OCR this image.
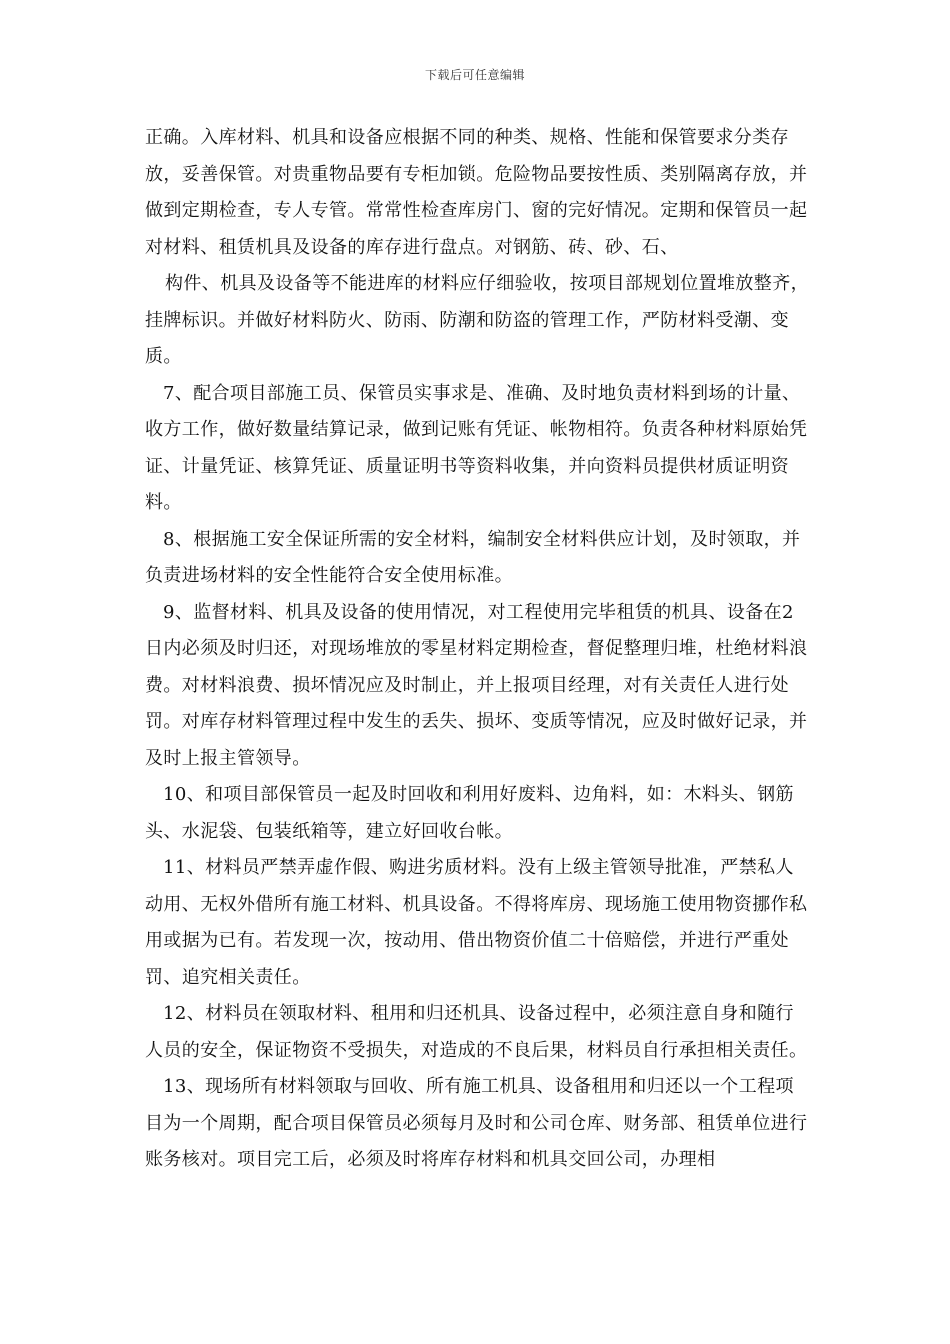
下载后可任意编辑

正确。入库材料、机具和设备应根据不同的种类、规格、性能和保管要求分类存放，妥善保管。对贵重物品要有专柜加锁。危险物品要按性质、类别隔离存放，并做到定期检查，专人专管。常常性检查库房门、窗的完好情况。定期和保管员一起对材料、租赁机具及设备的库存进行盘点。对钢筋、砖、砂、石、

构件、机具及设备等不能进库的材料应仔细验收，按项目部规划位置堆放整齐，挂牌标识。并做好材料防火、防雨、防潮和防盗的管理工作，严防材料受潮、变质。

7、配合项目部施工员、保管员实事求是、准确、及时地负责材料到场的计量、收方工作，做好数量结算记录，做到记账有凭证、帐物相符。负责各种材料原始凭证、计量凭证、核算凭证、质量证明书等资料收集，并向资料员提供材质证明资料。

8、根据施工安全保证所需的安全材料，编制安全材料供应计划，及时领取，并负责进场材料的安全性能符合安全使用标准。

9、监督材料、机具及设备的使用情况，对工程使用完毕租赁的机具、设备在2日内必须及时归还，对现场堆放的零星材料定期检查，督促整理归堆，杜绝材料浪费。对材料浪费、损坏情况应及时制止，并上报项目经理，对有关责任人进行处罚。对库存材料管理过程中发生的丢失、损坏、变质等情况，应及时做好记录，并及时上报主管领导。

10、和项目部保管员一起及时回收和利用好废料、边角料，如：木料头、钢筋头、水泥袋、包装纸箱等，建立好回收台帐。

11、材料员严禁弄虚作假、购进劣质材料。没有上级主管领导批准，严禁私人动用、无权外借所有施工材料、机具设备。不得将库房、现场施工使用物资挪作私用或据为已有。若发现一次，按动用、借出物资价值二十倍赔偿，并进行严重处罚、追究相关责任。

12、材料员在领取材料、租用和归还机具、设备过程中，必须注意自身和随行人员的安全，保证物资不受损失，对造成的不良后果，材料员自行承担相关责任。

13、现场所有材料领取与回收、所有施工机具、设备租用和归还以一个工程项目为一个周期，配合项目保管员必须每月及时和公司仓库、财务部、租赁单位进行账务核对。项目完工后，必须及时将库存材料和机具交回公司，办理相
